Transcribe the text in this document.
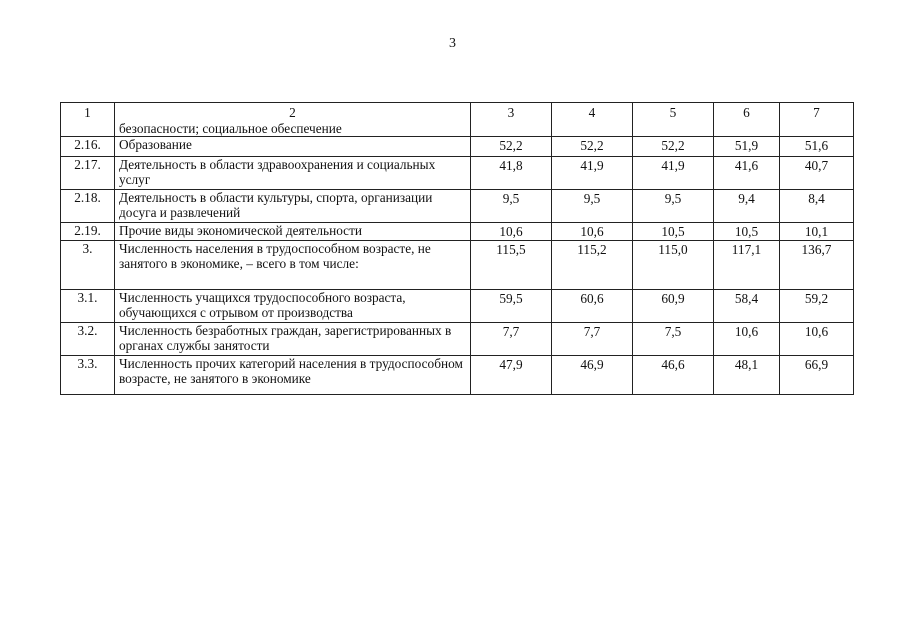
3
1	2	3	4	5	6	7
	безопасности; социальное обеспечение					
2.16.	Образование	52,2	52,2	52,2	51,9	51,6
2.17.	Деятельность в области здравоохранения и социальных услуг	41,8	41,9	41,9	41,6	40,7
2.18.	Деятельность в области культуры, спорта, организации досуга и развлечений	9,5	9,5	9,5	9,4	8,4
2.19.	Прочие виды экономической деятельности	10,6	10,6	10,5	10,5	10,1
3.	Численность населения в трудоспособном возрасте, не занятого в экономике, – всего в том числе:	115,5	115,2	115,0	117,1	136,7
3.1.	Численность учащихся трудоспособного возраста, обучающихся с отрывом от производства	59,5	60,6	60,9	58,4	59,2
3.2.	Численность безработных граждан, зарегистрированных в органах службы занятости	7,7	7,7	7,5	10,6	10,6
3.3.	Численность прочих категорий населения в трудоспособном возрасте, не занятого в экономике	47,9	46,9	46,6	48,1	66,9
